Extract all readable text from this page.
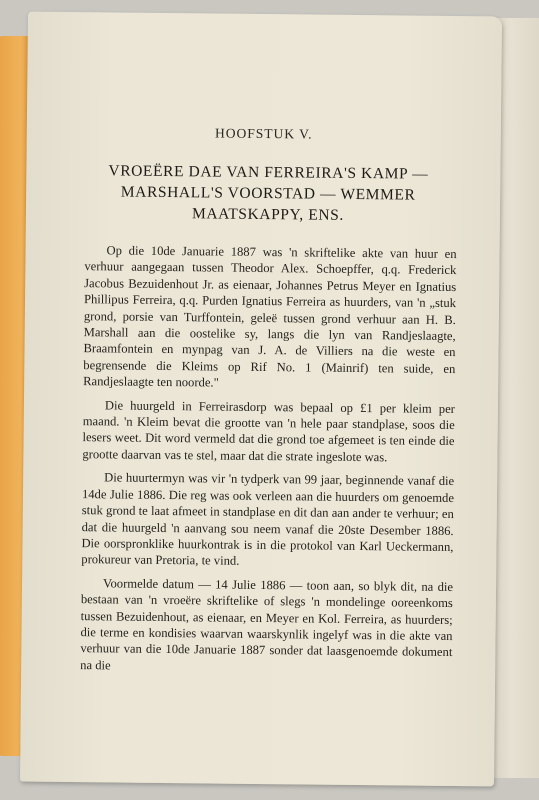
HOOFSTUK V.
VROEËRE DAE VAN FERREIRA'S KAMP —
MARSHALL'S VOORSTAD — WEMMER
MAATSKAPPY, ENS.

Op die 10de Januarie 1887 was 'n skriftelike akte van huur en verhuur aangegaan tussen Theodor Alex. Schoepffer, q.q. Frederick Jacobus Bezuidenhout Jr. as eienaar, Johannes Petrus Meyer en Ignatius Phillipus Ferreira, q.q. Purden Ignatius Ferreira as huurders, van 'n „stuk grond, porsie van Turffontein, geleë tussen grond verhuur aan H. B. Marshall aan die oostelike sy, langs die lyn van Randjeslaagte, Braamfontein en mynpag van J. A. de Villiers na die weste en begrensende die Kleims op Rif No. 1 (Mainrif) ten suide, en Randjeslaagte ten noorde."

Die huurgeld in Ferreirasdorp was bepaal op £1 per kleim per maand. 'n Kleim bevat die grootte van 'n hele paar standplase, soos die lesers weet. Dit word vermeld dat die grond toe afgemeet is ten einde die grootte daarvan vas te stel, maar dat die strate ingeslote was.

Die huurtermyn was vir 'n tydperk van 99 jaar, beginnende vanaf die 14de Julie 1886. Die reg was ook verleen aan die huurders om genoemde stuk grond te laat afmeet in standplase en dit dan aan ander te verhuur; en dat die huurgeld 'n aanvang sou neem vanaf die 20ste Desember 1886. Die oorspronklike huurkontrak is in die protokol van Karl Ueckermann, prokureur van Pretoria, te vind.

Voormelde datum — 14 Julie 1886 — toon aan, so blyk dit, na die bestaan van 'n vroeëre skriftelike of slegs 'n mondelinge ooreenkoms tussen Bezuidenhout, as eienaar, en Meyer en Kol. Ferreira, as huurders; die terme en kondisies waarvan waarskynlik ingelyf was in die akte van verhuur van die 10de Januarie 1887 sonder dat laasgenoemde dokument na die
